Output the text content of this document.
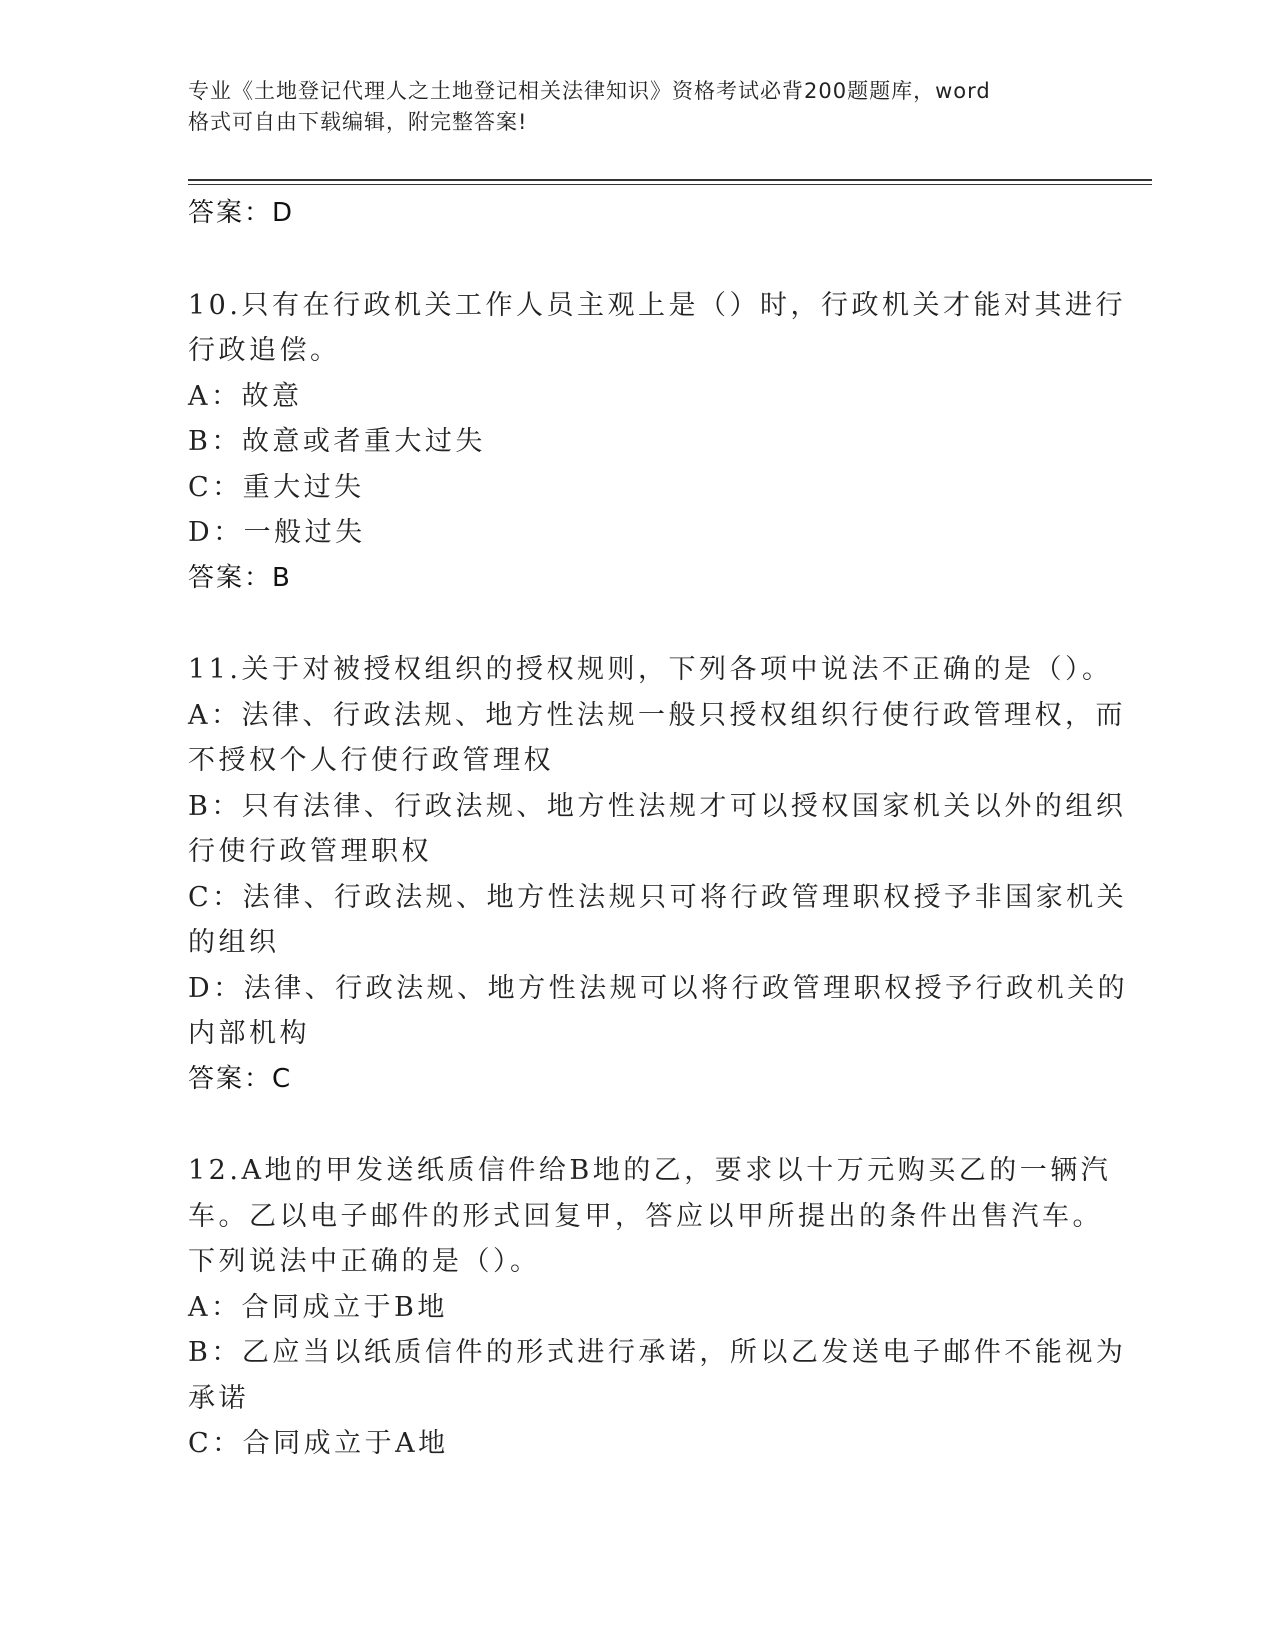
专业《土地登记代理人之土地登记相关法律知识》资格考试必背200题题库，word
格式可自由下载编辑，附完整答案!

答案：D

10.只有在行政机关工作人员主观上是（）时，行政机关才能对其进行

行政追偿。

A：故意

B：故意或者重大过失

C：重大过失

D：一般过失

答案：B

11.关于对被授权组织的授权规则，下列各项中说法不正确的是（）。

A：法律、行政法规、地方性法规一般只授权组织行使行政管理权，而

不授权个人行使行政管理权

B：只有法律、行政法规、地方性法规才可以授权国家机关以外的组织

行使行政管理职权

C：法律、行政法规、地方性法规只可将行政管理职权授予非国家机关

的组织

D：法律、行政法规、地方性法规可以将行政管理职权授予行政机关的

内部机构

答案：C

12.A地的甲发送纸质信件给B地的乙，要求以十万元购买乙的一辆汽

车。乙以电子邮件的形式回复甲，答应以甲所提出的条件出售汽车。

下列说法中正确的是（）。

A：合同成立于B地

B：乙应当以纸质信件的形式进行承诺，所以乙发送电子邮件不能视为

承诺

C：合同成立于A地
